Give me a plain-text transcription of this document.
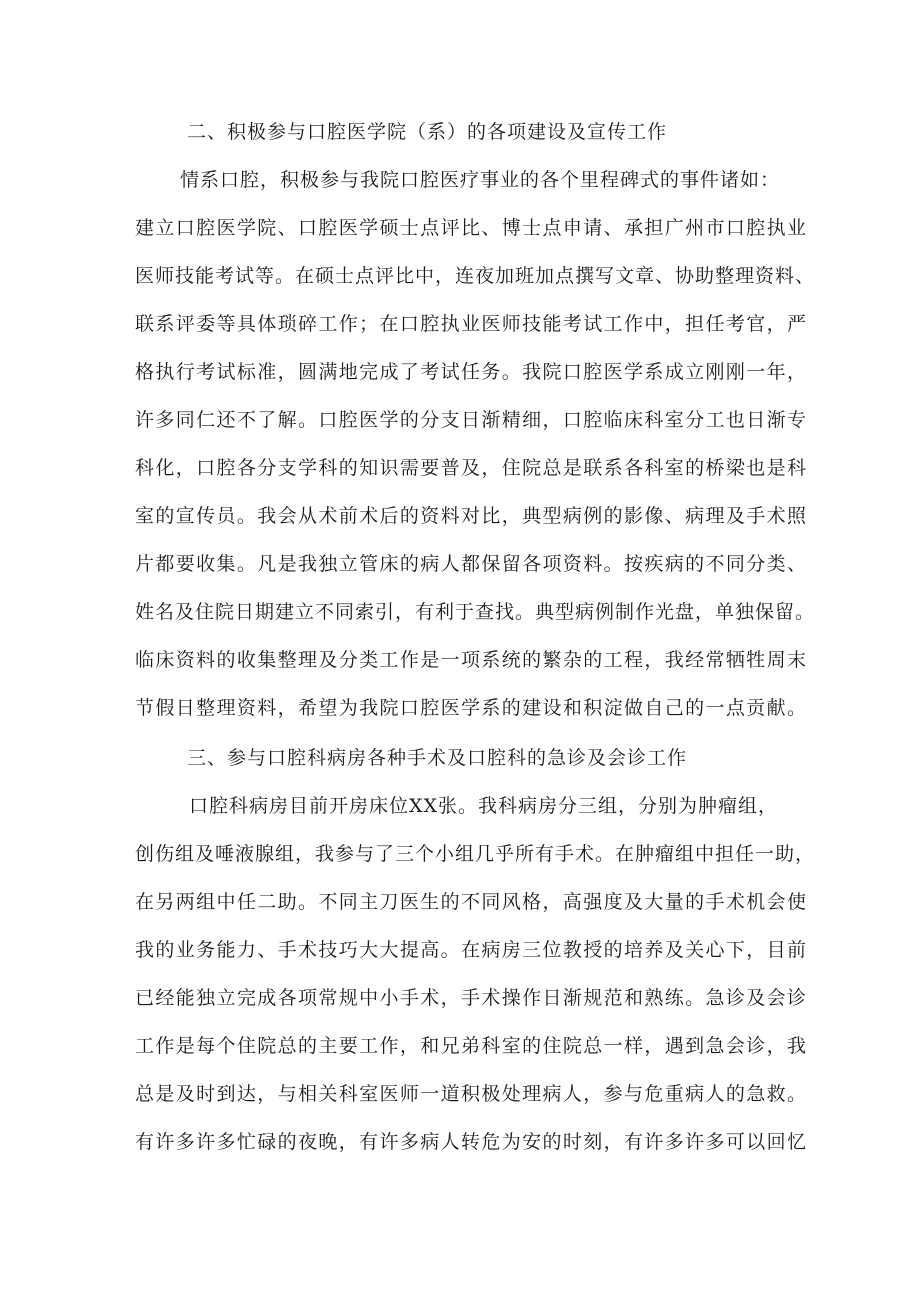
二、积极参与口腔医学院（系）的各项建设及宣传工作
情系口腔，积极参与我院口腔医疗事业的各个里程碑式的事件诸如：
建立口腔医学院、口腔医学硕士点评比、博士点申请、承担广州市口腔执业
医师技能考试等。在硕士点评比中，连夜加班加点撰写文章、协助整理资料、
联系评委等具体琐碎工作；在口腔执业医师技能考试工作中，担任考官，严
格执行考试标准，圆满地完成了考试任务。我院口腔医学系成立刚刚一年，
许多同仁还不了解。口腔医学的分支日渐精细，口腔临床科室分工也日渐专
科化，口腔各分支学科的知识需要普及，住院总是联系各科室的桥梁也是科
室的宣传员。我会从术前术后的资料对比，典型病例的影像、病理及手术照
片都要收集。凡是我独立管床的病人都保留各项资料。按疾病的不同分类、
姓名及住院日期建立不同索引，有利于查找。典型病例制作光盘，单独保留。
临床资料的收集整理及分类工作是一项系统的繁杂的工程，我经常牺牲周末
节假日整理资料，希望为我院口腔医学系的建设和积淀做自己的一点贡献。
三、参与口腔科病房各种手术及口腔科的急诊及会诊工作
口腔科病房目前开房床位XX张。我科病房分三组，分别为肿瘤组，
创伤组及唾液腺组，我参与了三个小组几乎所有手术。在肿瘤组中担任一助，
在另两组中任二助。不同主刀医生的不同风格，高强度及大量的手术机会使
我的业务能力、手术技巧大大提高。在病房三位教授的培养及关心下，目前
已经能独立完成各项常规中小手术，手术操作日渐规范和熟练。急诊及会诊
工作是每个住院总的主要工作，和兄弟科室的住院总一样，遇到急会诊，我
总是及时到达，与相关科室医师一道积极处理病人，参与危重病人的急救。
有许多许多忙碌的夜晚，有许多病人转危为安的时刻，有许多许多可以回忆
